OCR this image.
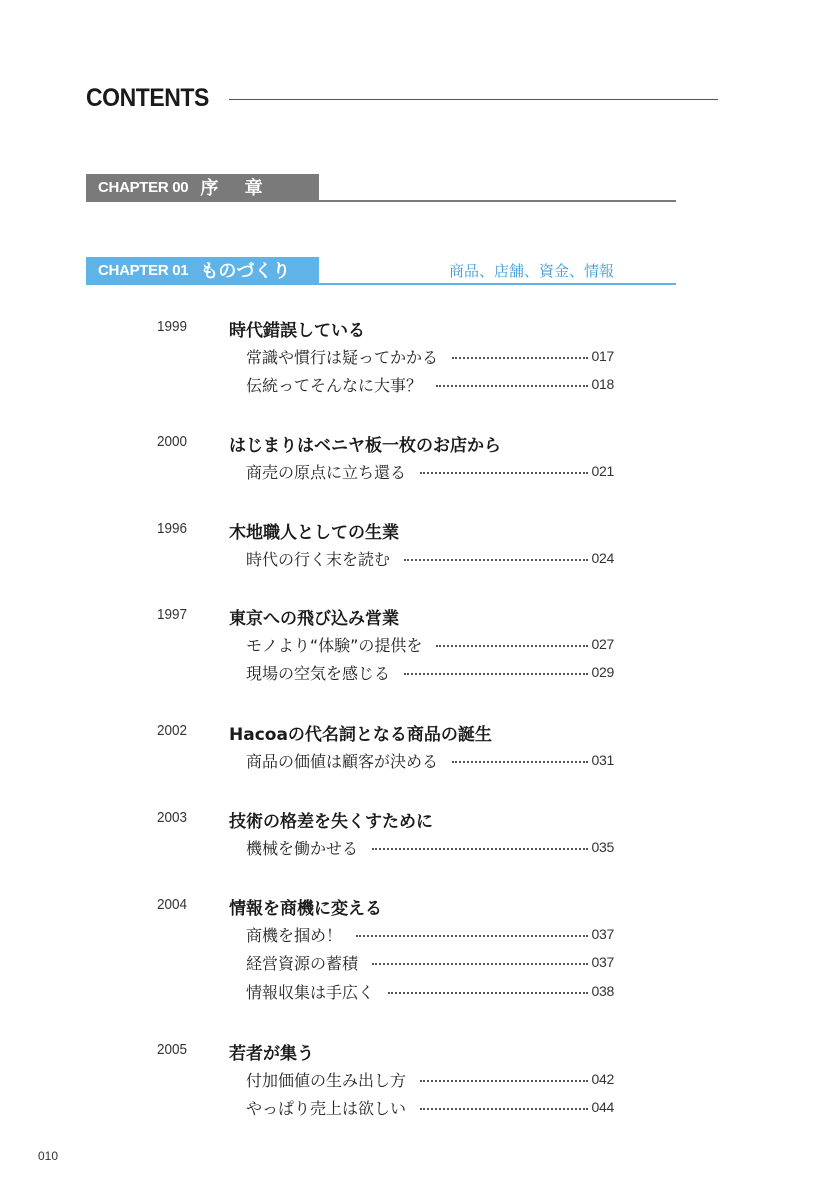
CONTENTS
CHAPTER 00 序 章
CHAPTER 01 ものづくり	商品、店舗、資金、情報
1999 時代錯誤している
常識や慣行は疑ってかかる	017
伝統ってそんなに大事？	018
2000 はじまりはベニヤ板一枚のお店から
商売の原点に立ち還る	021
1996 木地職人としての生業
時代の行く末を読む	024
1997 東京への飛び込み営業
モノより“体験”の提供を	027
現場の空気を感じる	029
2002 Hacoaの代名詞となる商品の誕生
商品の価値は顧客が決める	031
2003 技術の格差を失くすために
機械を働かせる	035
2004 情報を商機に変える
商機を掴め！	037
経営資源の蓄積	037
情報収集は手広く	038
2005 若者が集う
付加価値の生み出し方	042
やっぱり売上は欲しい	044
010
